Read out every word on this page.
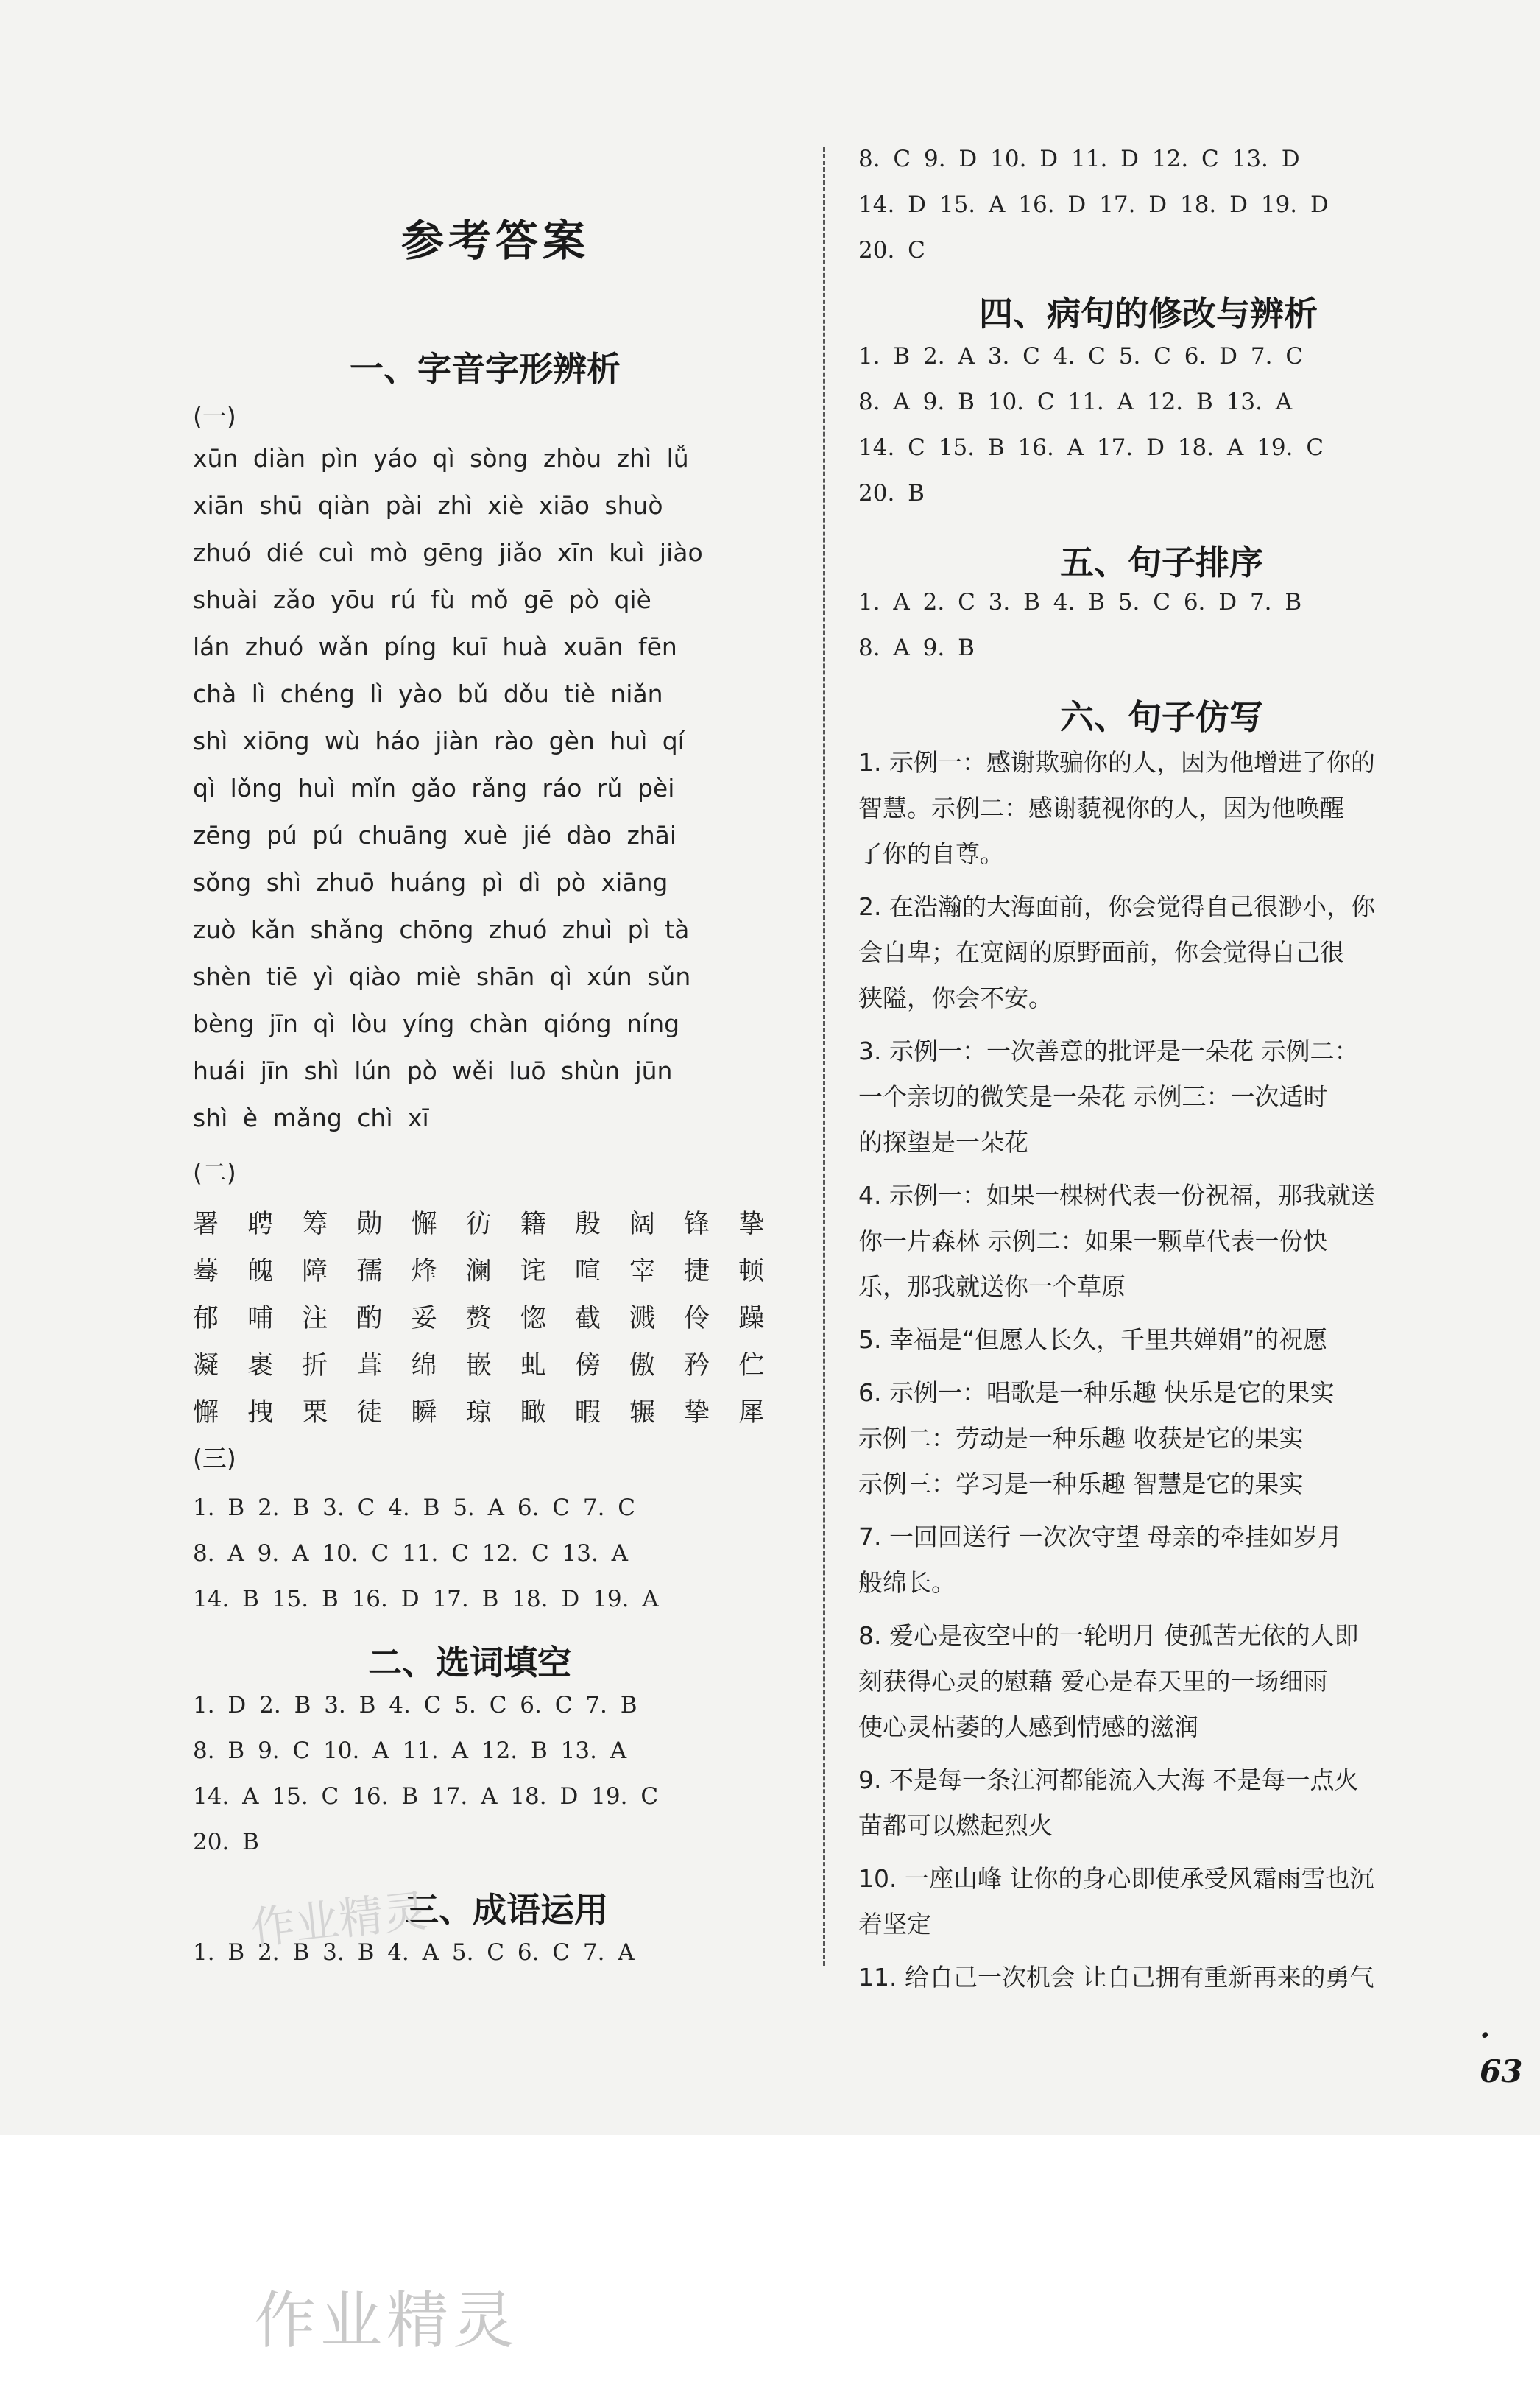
参考答案
一、字音字形辨析
(一)
xūn diàn pìn yáo qì sòng zhòu zhì lǚ
xiān shū qiàn pài zhì xiè xiāo shuò
zhuó dié cuì mò gēng jiǎo xīn kuì jiào
shuài zǎo yōu rú fù mǒ gē pò qiè
lán zhuó wǎn píng kuī huà xuān fēn
chà lì chéng lì yào bǔ dǒu tiè niǎn
shì xiōng wù háo jiàn rào gèn huì qí
qì lǒng huì mǐn gǎo rǎng ráo rǔ pèi
zēng pú pú chuāng xuè jié dào zhāi
sǒng shì zhuō huáng pì dì pò xiāng
zuò kǎn shǎng chōng zhuó zhuì pì tà
shèn tiē yì qiào miè shān qì xún sǔn
bèng jīn qì lòu yíng chàn qióng níng
huái jīn shì lún pò wěi luō shùn jūn
shì è mǎng chì xī
(二)
署 聘 筹 勋 懈 彷 籍 殷 阔 锋 挚
蓦 魄 障 孺 烽 澜 诧 喧 宰 捷 顿
郁 哺 注 酌 妥 赘 惚 截 溅 伶 躁
凝 裹 折 葺 绵 嵌 虬 傍 傲 矜 伫
懈 拽 栗 徒 瞬 琼 瞰 暇 辗 挚 犀
(三)
1. B 2. B 3. C 4. B 5. A 6. C 7. C
8. A 9. A 10. C 11. C 12. C 13. A
14. B 15. B 16. D 17. B 18. D 19. A
1. D 2. B 3. B 4. C 5. C 6. C 7. B
8. B 9. C 10. A 11. A 12. B 13. A
14. A 15. C 16. B 17. A 18. D 19. C
20. B
1. B 2. B 3. B 4. A 5. C 6. C 7. A
二、选词填空
三、成语运用
8. C 9. D 10. D 11. D 12. C 13. D
14. D 15. A 16. D 17. D 18. D 19. D
20. C
1. B 2. A 3. C 4. C 5. C 6. D 7. C
8. A 9. B 10. C 11. A 12. B 13. A
14. C 15. B 16. A 17. D 18. A 19. C
20. B
1. A 2. C 3. B 4. B 5. C 6. D 7. B
8. A 9. B
1. 示例一：感谢欺骗你的人，因为他增进了你的
智慧。示例二：感谢藐视你的人，因为他唤醒
了你的自尊。
2. 在浩瀚的大海面前，你会觉得自己很渺小，你
会自卑；在宽阔的原野面前，你会觉得自己很
狭隘，你会不安。
3. 示例一：一次善意的批评是一朵花 示例二：
一个亲切的微笑是一朵花 示例三：一次适时
的探望是一朵花
4. 示例一：如果一棵树代表一份祝福，那我就送
你一片森林 示例二：如果一颗草代表一份快
乐，那我就送你一个草原
5. 幸福是“但愿人长久，千里共婵娟”的祝愿
6. 示例一：唱歌是一种乐趣 快乐是它的果实
示例二：劳动是一种乐趣 收获是它的果实
示例三：学习是一种乐趣 智慧是它的果实
7. 一回回送行 一次次守望 母亲的牵挂如岁月
般绵长。
8. 爱心是夜空中的一轮明月 使孤苦无依的人即
刻获得心灵的慰藉 爱心是春天里的一场细雨
使心灵枯萎的人感到情感的滋润
9. 不是每一条江河都能流入大海 不是每一点火
苗都可以燃起烈火
10. 一座山峰 让你的身心即使承受风霜雨雪也沉
着坚定
11. 给自己一次机会 让自己拥有重新再来的勇气
四、病句的修改与辨析
五、句子排序
六、句子仿写
· 63
作业精灵
作业精灵
